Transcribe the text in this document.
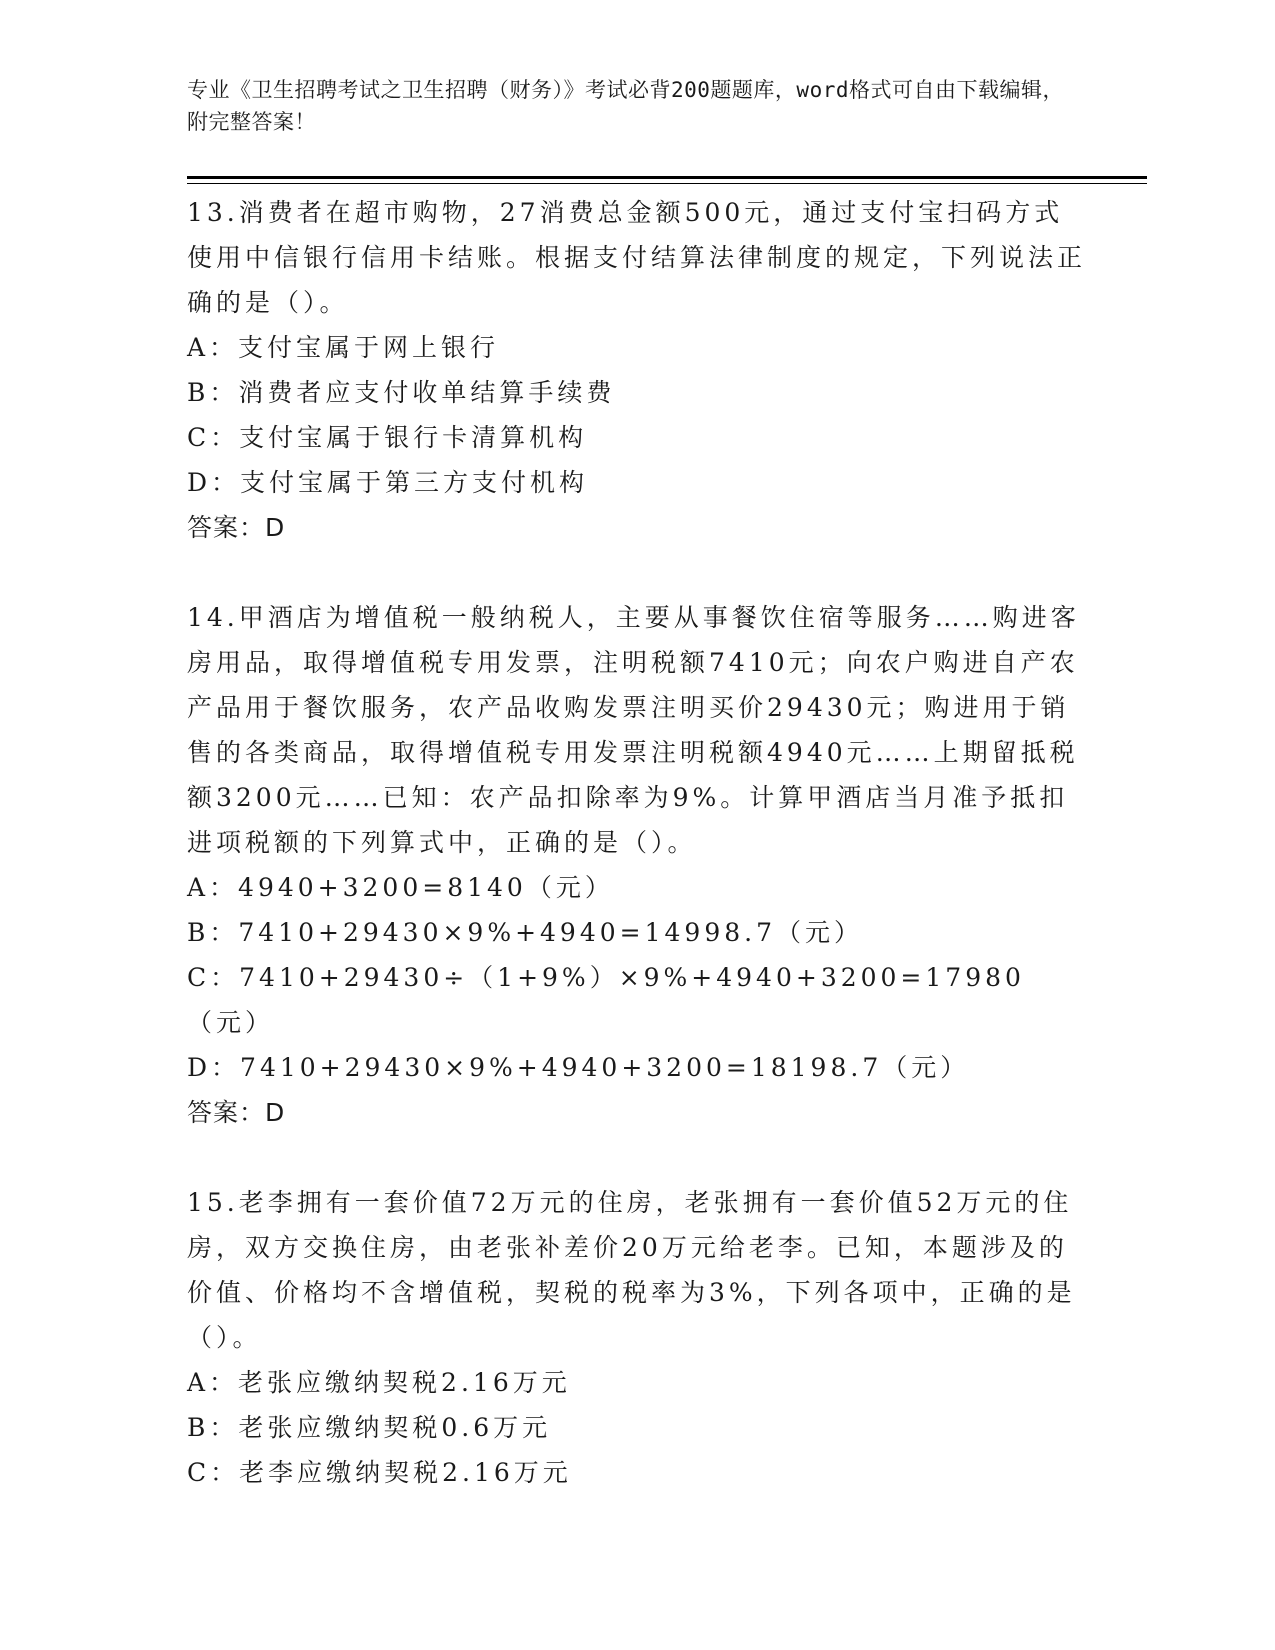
专业《卫生招聘考试之卫生招聘（财务）》考试必背200题题库，word格式可自由下载编辑，附完整答案！

13.消费者在超市购物，27消费总金额500元，通过支付宝扫码方式使用中信银行信用卡结账。根据支付结算法律制度的规定，下列说法正确的是（）。

A：支付宝属于网上银行

B：消费者应支付收单结算手续费

C：支付宝属于银行卡清算机构

D：支付宝属于第三方支付机构

答案：D

14.甲酒店为增值税一般纳税人，主要从事餐饮住宿等服务……购进客房用品，取得增值税专用发票，注明税额7410元；向农户购进自产农产品用于餐饮服务，农产品收购发票注明买价29430元；购进用于销售的各类商品，取得增值税专用发票注明税额4940元……上期留抵税额3200元……已知：农产品扣除率为9%。计算甲酒店当月准予抵扣进项税额的下列算式中，正确的是（）。

A：4940+3200=8140（元）

B：7410+29430×9%+4940=14998.7（元）

C：7410+29430÷（1+9%）×9%+4940+3200=17980（元）

D：7410+29430×9%+4940+3200=18198.7（元）

答案：D

15.老李拥有一套价值72万元的住房，老张拥有一套价值52万元的住房，双方交换住房，由老张补差价20万元给老李。已知，本题涉及的价值、价格均不含增值税，契税的税率为3%，下列各项中，正确的是（）。

A：老张应缴纳契税2.16万元

B：老张应缴纳契税0.6万元

C：老李应缴纳契税2.16万元
